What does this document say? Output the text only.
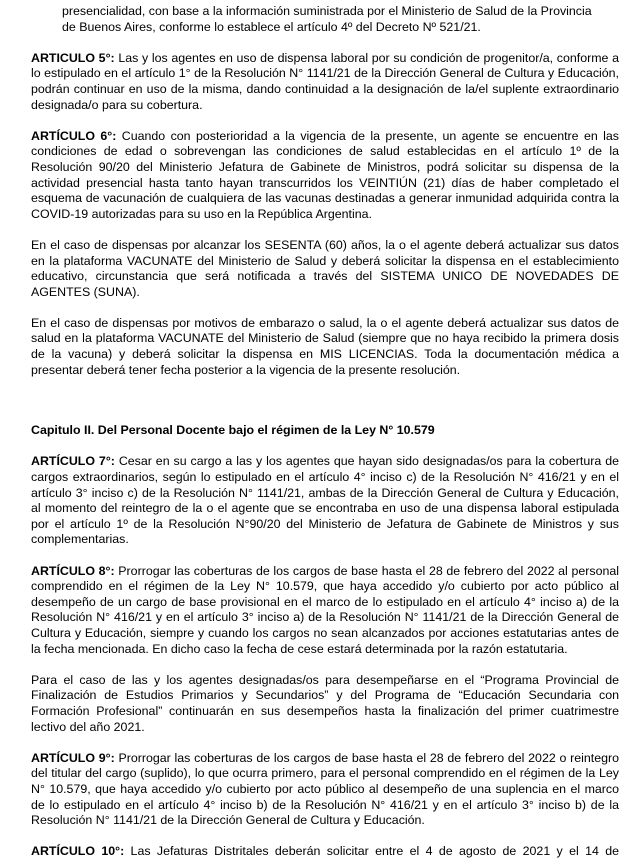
presencialidad, con base a la información suministrada por el Ministerio de Salud de la Provincia
de Buenos Aires, conforme lo establece el artículo 4º del Decreto Nº 521/21.

ARTICULO 5°: Las y los agentes en uso de dispensa laboral por su condición de progenitor/a, conforme a lo estipulado en el artículo 1° de la Resolución N° 1141/21 de la Dirección General de Cultura y Educación, podrán continuar en uso de la misma, dando continuidad a la designación de la/el suplente extraordinario designada/o para su cobertura.

ARTÍCULO 6°: Cuando con posterioridad a la vigencia de la presente, un agente se encuentre en las condiciones de edad o sobrevengan las condiciones de salud establecidas en el artículo 1º de la Resolución 90/20 del Ministerio Jefatura de Gabinete de Ministros, podrá solicitar su dispensa de la actividad presencial hasta tanto hayan transcurridos los VEINTIÚN (21) días de haber completado el esquema de vacunación de cualquiera de las vacunas destinadas a generar inmunidad adquirida contra la COVID-19 autorizadas para su uso en la República Argentina.

En el caso de dispensas por alcanzar los SESENTA (60) años, la o el agente deberá actualizar sus datos en la plataforma VACUNATE del Ministerio de Salud y deberá solicitar la dispensa en el establecimiento educativo, circunstancia que será notificada a través del SISTEMA UNICO DE NOVEDADES DE AGENTES (SUNA).

En el caso de dispensas por motivos de embarazo o salud, la o el agente deberá actualizar sus datos de salud en la plataforma VACUNATE del Ministerio de Salud (siempre que no haya recibido la primera dosis de la vacuna) y deberá solicitar la dispensa en MIS LICENCIAS. Toda la documentación médica a presentar deberá tener fecha posterior a la vigencia de la presente resolución.

Capitulo II. Del Personal Docente bajo el régimen de la Ley N° 10.579

ARTÍCULO 7°: Cesar en su cargo a las y los agentes que hayan sido designadas/os para la cobertura de cargos extraordinarios, según lo estipulado en el artículo 4° inciso c) de la Resolución N° 416/21 y en el artículo 3° inciso c) de la Resolución N° 1141/21, ambas de la Dirección General de Cultura y Educación, al momento del reintegro de la o el agente que se encontraba en uso de una dispensa laboral estipulada por el artículo 1º de la Resolución N°90/20 del Ministerio de Jefatura de Gabinete de Ministros y sus complementarias.

ARTÍCULO 8°: Prorrogar las coberturas de los cargos de base hasta el 28 de febrero del 2022 al personal comprendido en el régimen de la Ley N° 10.579, que haya accedido y/o cubierto por acto público al desempeño de un cargo de base provisional en el marco de lo estipulado en el artículo 4° inciso a) de la Resolución N° 416/21 y en el artículo 3° inciso a) de la Resolución N° 1141/21 de la Dirección General de Cultura y Educación, siempre y cuando los cargos no sean alcanzados por acciones estatutarias antes de la fecha mencionada. En dicho caso la fecha de cese estará determinada por la razón estatutaria.

Para el caso de las y los agentes designadas/os para desempeñarse en el “Programa Provincial de Finalización de Estudios Primarios y Secundarios” y del Programa de “Educación Secundaria con Formación Profesional” continuarán en sus desempeños hasta la finalización del primer cuatrimestre lectivo del año 2021.

ARTÍCULO 9°: Prorrogar las coberturas de los cargos de base hasta el 28 de febrero del 2022 o reintegro del titular del cargo (suplido), lo que ocurra primero, para el personal comprendido en el régimen de la Ley N° 10.579, que haya accedido y/o cubierto por acto público al desempeño de una suplencia en el marco de lo estipulado en el artículo 4° inciso b) de la Resolución N° 416/21 y en el artículo 3° inciso b) de la Resolución N° 1141/21 de la Dirección General de Cultura y Educación.

ARTÍCULO 10°: Las Jefaturas Distritales deberán solicitar entre el 4 de agosto de 2021 y el 14 de
